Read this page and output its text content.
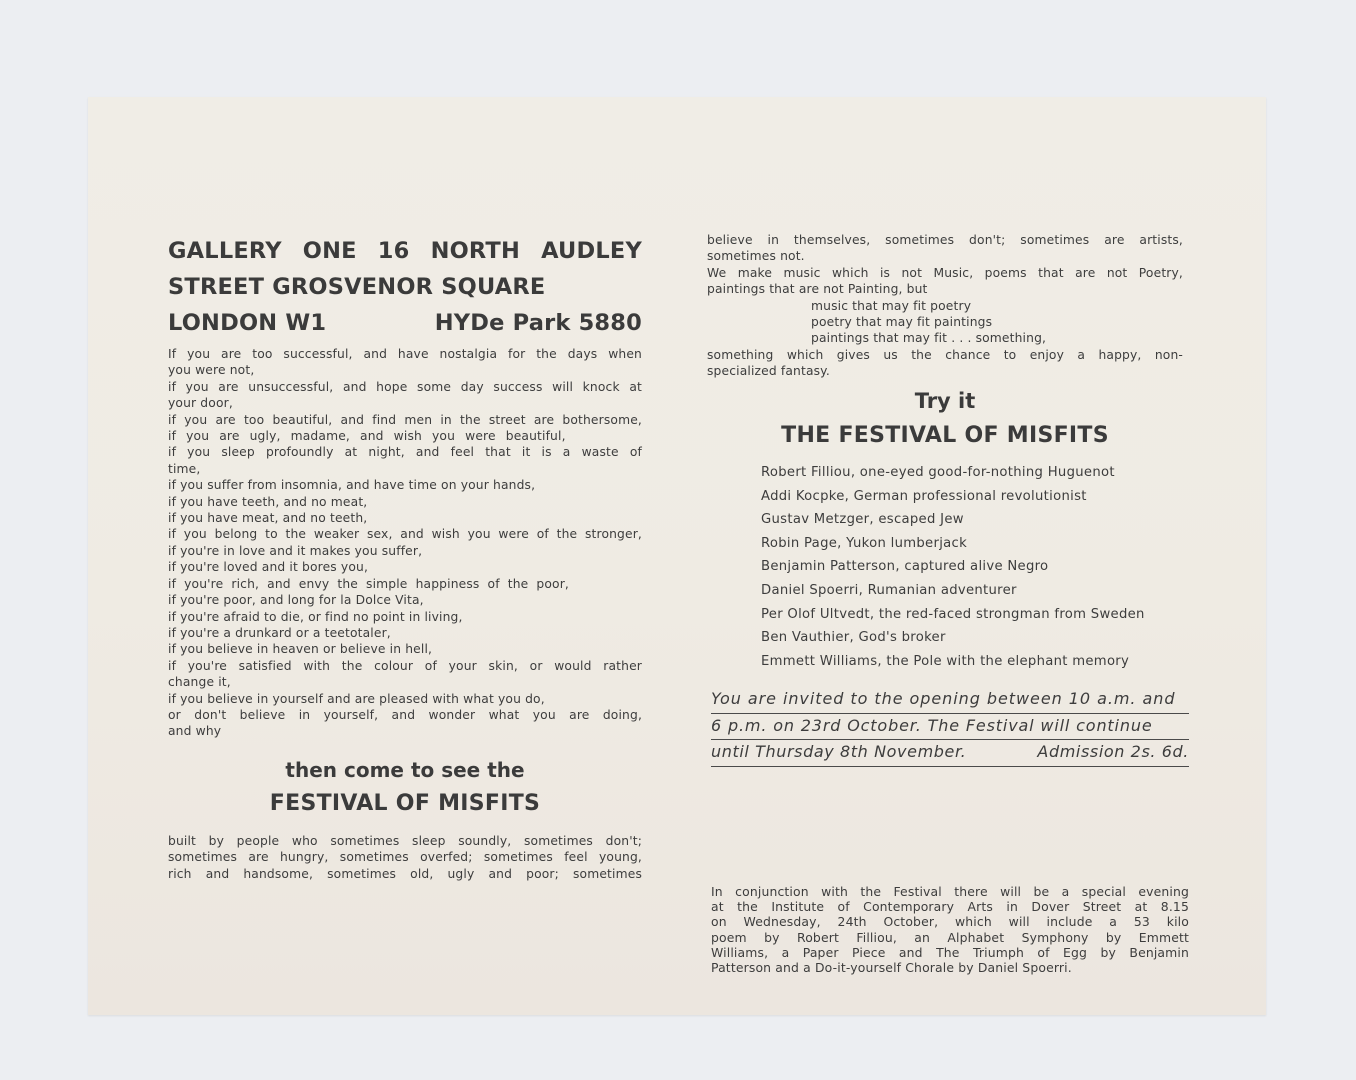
GALLERY ONE 16 NORTH AUDLEY
STREET GROSVENOR SQUARE
LONDON W1	HYDe Park 5880
If you are too successful, and have nostalgia for the days when
you were not,
if you are unsuccessful, and hope some day success will knock at
your door,
if you are too beautiful, and find men in the street are bothersome,
if you are ugly, madame, and wish you were beautiful,
if you sleep profoundly at night, and feel that it is a waste of
time,
if you suffer from insomnia, and have time on your hands,
if you have teeth, and no meat,
if you have meat, and no teeth,
if you belong to the weaker sex, and wish you were of the stronger,
if you're in love and it makes you suffer,
if you're loved and it bores you,
if you're rich, and envy the simple happiness of the poor,
if you're poor, and long for la Dolce Vita,
if you're afraid to die, or find no point in living,
if you're a drunkard or a teetotaler,
if you believe in heaven or believe in hell,
if you're satisfied with the colour of your skin, or would rather
change it,
if you believe in yourself and are pleased with what you do,
or don't believe in yourself, and wonder what you are doing,
and why
then come to see the
FESTIVAL OF MISFITS
built by people who sometimes sleep soundly, sometimes don't;
sometimes are hungry, sometimes overfed; sometimes feel young,
rich and handsome, sometimes old, ugly and poor; sometimes
believe in themselves, sometimes don't; sometimes are artists,
sometimes not.
We make music which is not Music, poems that are not Poetry,
paintings that are not Painting, but
music that may fit poetry
poetry that may fit paintings
paintings that may fit . . . something,
something which gives us the chance to enjoy a happy, non-
specialized fantasy.
Try it
THE FESTIVAL OF MISFITS
Robert Filliou, one-eyed good-for-nothing Huguenot
Addi Kocpke, German professional revolutionist
Gustav Metzger, escaped Jew
Robin Page, Yukon lumberjack
Benjamin Patterson, captured alive Negro
Daniel Spoerri, Rumanian adventurer
Per Olof Ultvedt, the red-faced strongman from Sweden
Ben Vauthier, God's broker
Emmett Williams, the Pole with the elephant memory
You are invited to the opening between 10 a.m. and
6 p.m. on 23rd October. The Festival will continue
until Thursday 8th November.	Admission 2s. 6d.
In conjunction with the Festival there will be a special evening
at the Institute of Contemporary Arts in Dover Street at 8.15
on Wednesday, 24th October, which will include a 53 kilo
poem by Robert Filliou, an Alphabet Symphony by Emmett
Williams, a Paper Piece and The Triumph of Egg by Benjamin
Patterson and a Do-it-yourself Chorale by Daniel Spoerri.
